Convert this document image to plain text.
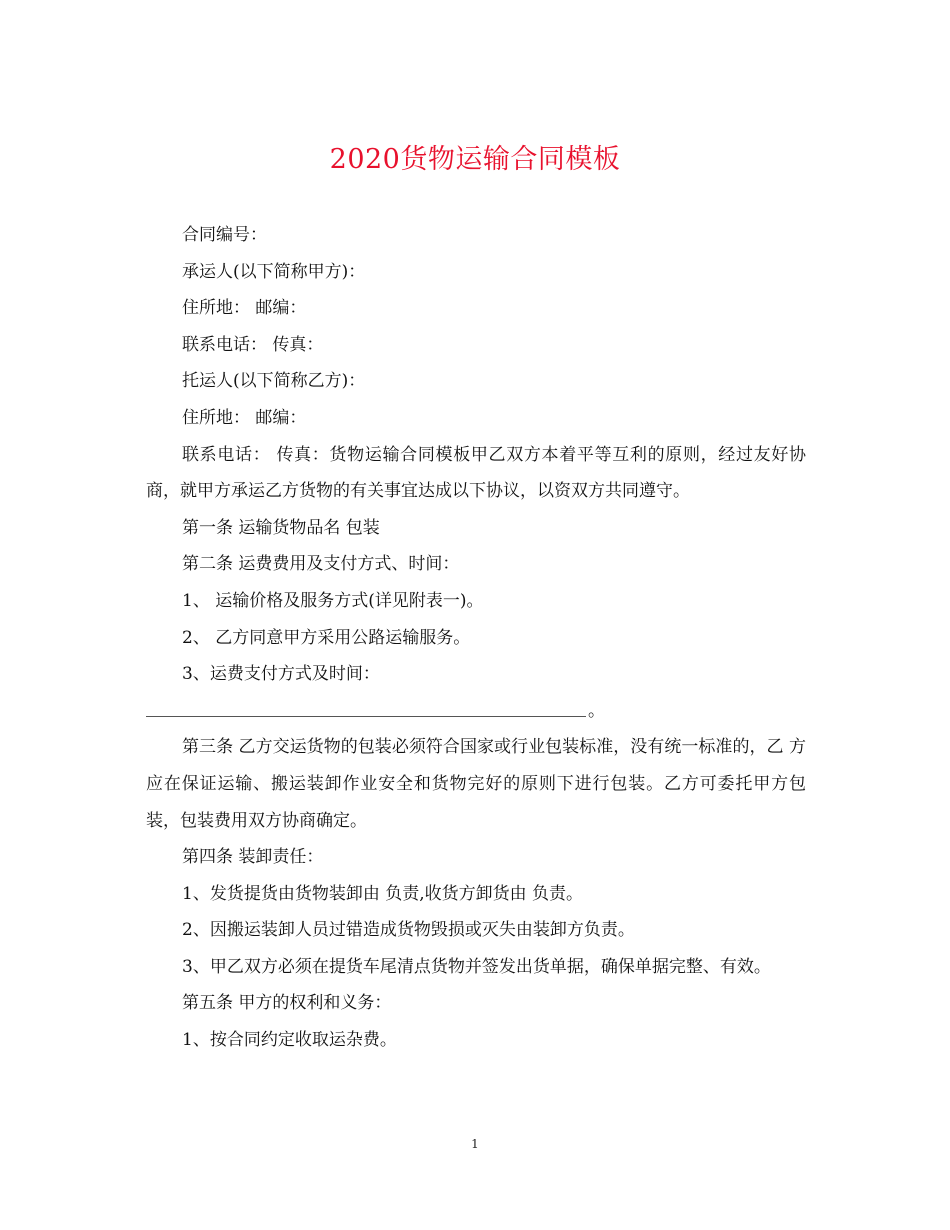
2020货物运输合同模板

合同编号：

承运人(以下简称甲方)：

住所地： 邮编：

联系电话： 传真：

托运人(以下简称乙方)：

住所地： 邮编：

联系电话： 传真：货物运输合同模板甲乙双方本着平等互利的原则，经过友好协商，就甲方承运乙方货物的有关事宜达成以下协议，以资双方共同遵守。

第一条 运输货物品名 包装

第二条 运费费用及支付方式、时间：

1、 运输价格及服务方式(详见附表一)。

2、 乙方同意甲方采用公路运输服务。

3、运费支付方式及时间：

。

第三条 乙方交运货物的包装必须符合国家或行业包装标准，没有统一标准的，乙 方应在保证运输、搬运装卸作业安全和货物完好的原则下进行包装。乙方可委托甲方包装，包装费用双方协商确定。

第四条 装卸责任：

1、发货提货由货物装卸由 负责,收货方卸货由 负责。

2、因搬运装卸人员过错造成货物毁损或灭失由装卸方负责。

3、甲乙双方必须在提货车尾清点货物并签发出货单据，确保单据完整、有效。

第五条 甲方的权利和义务：

1、按合同约定收取运杂费。

1
